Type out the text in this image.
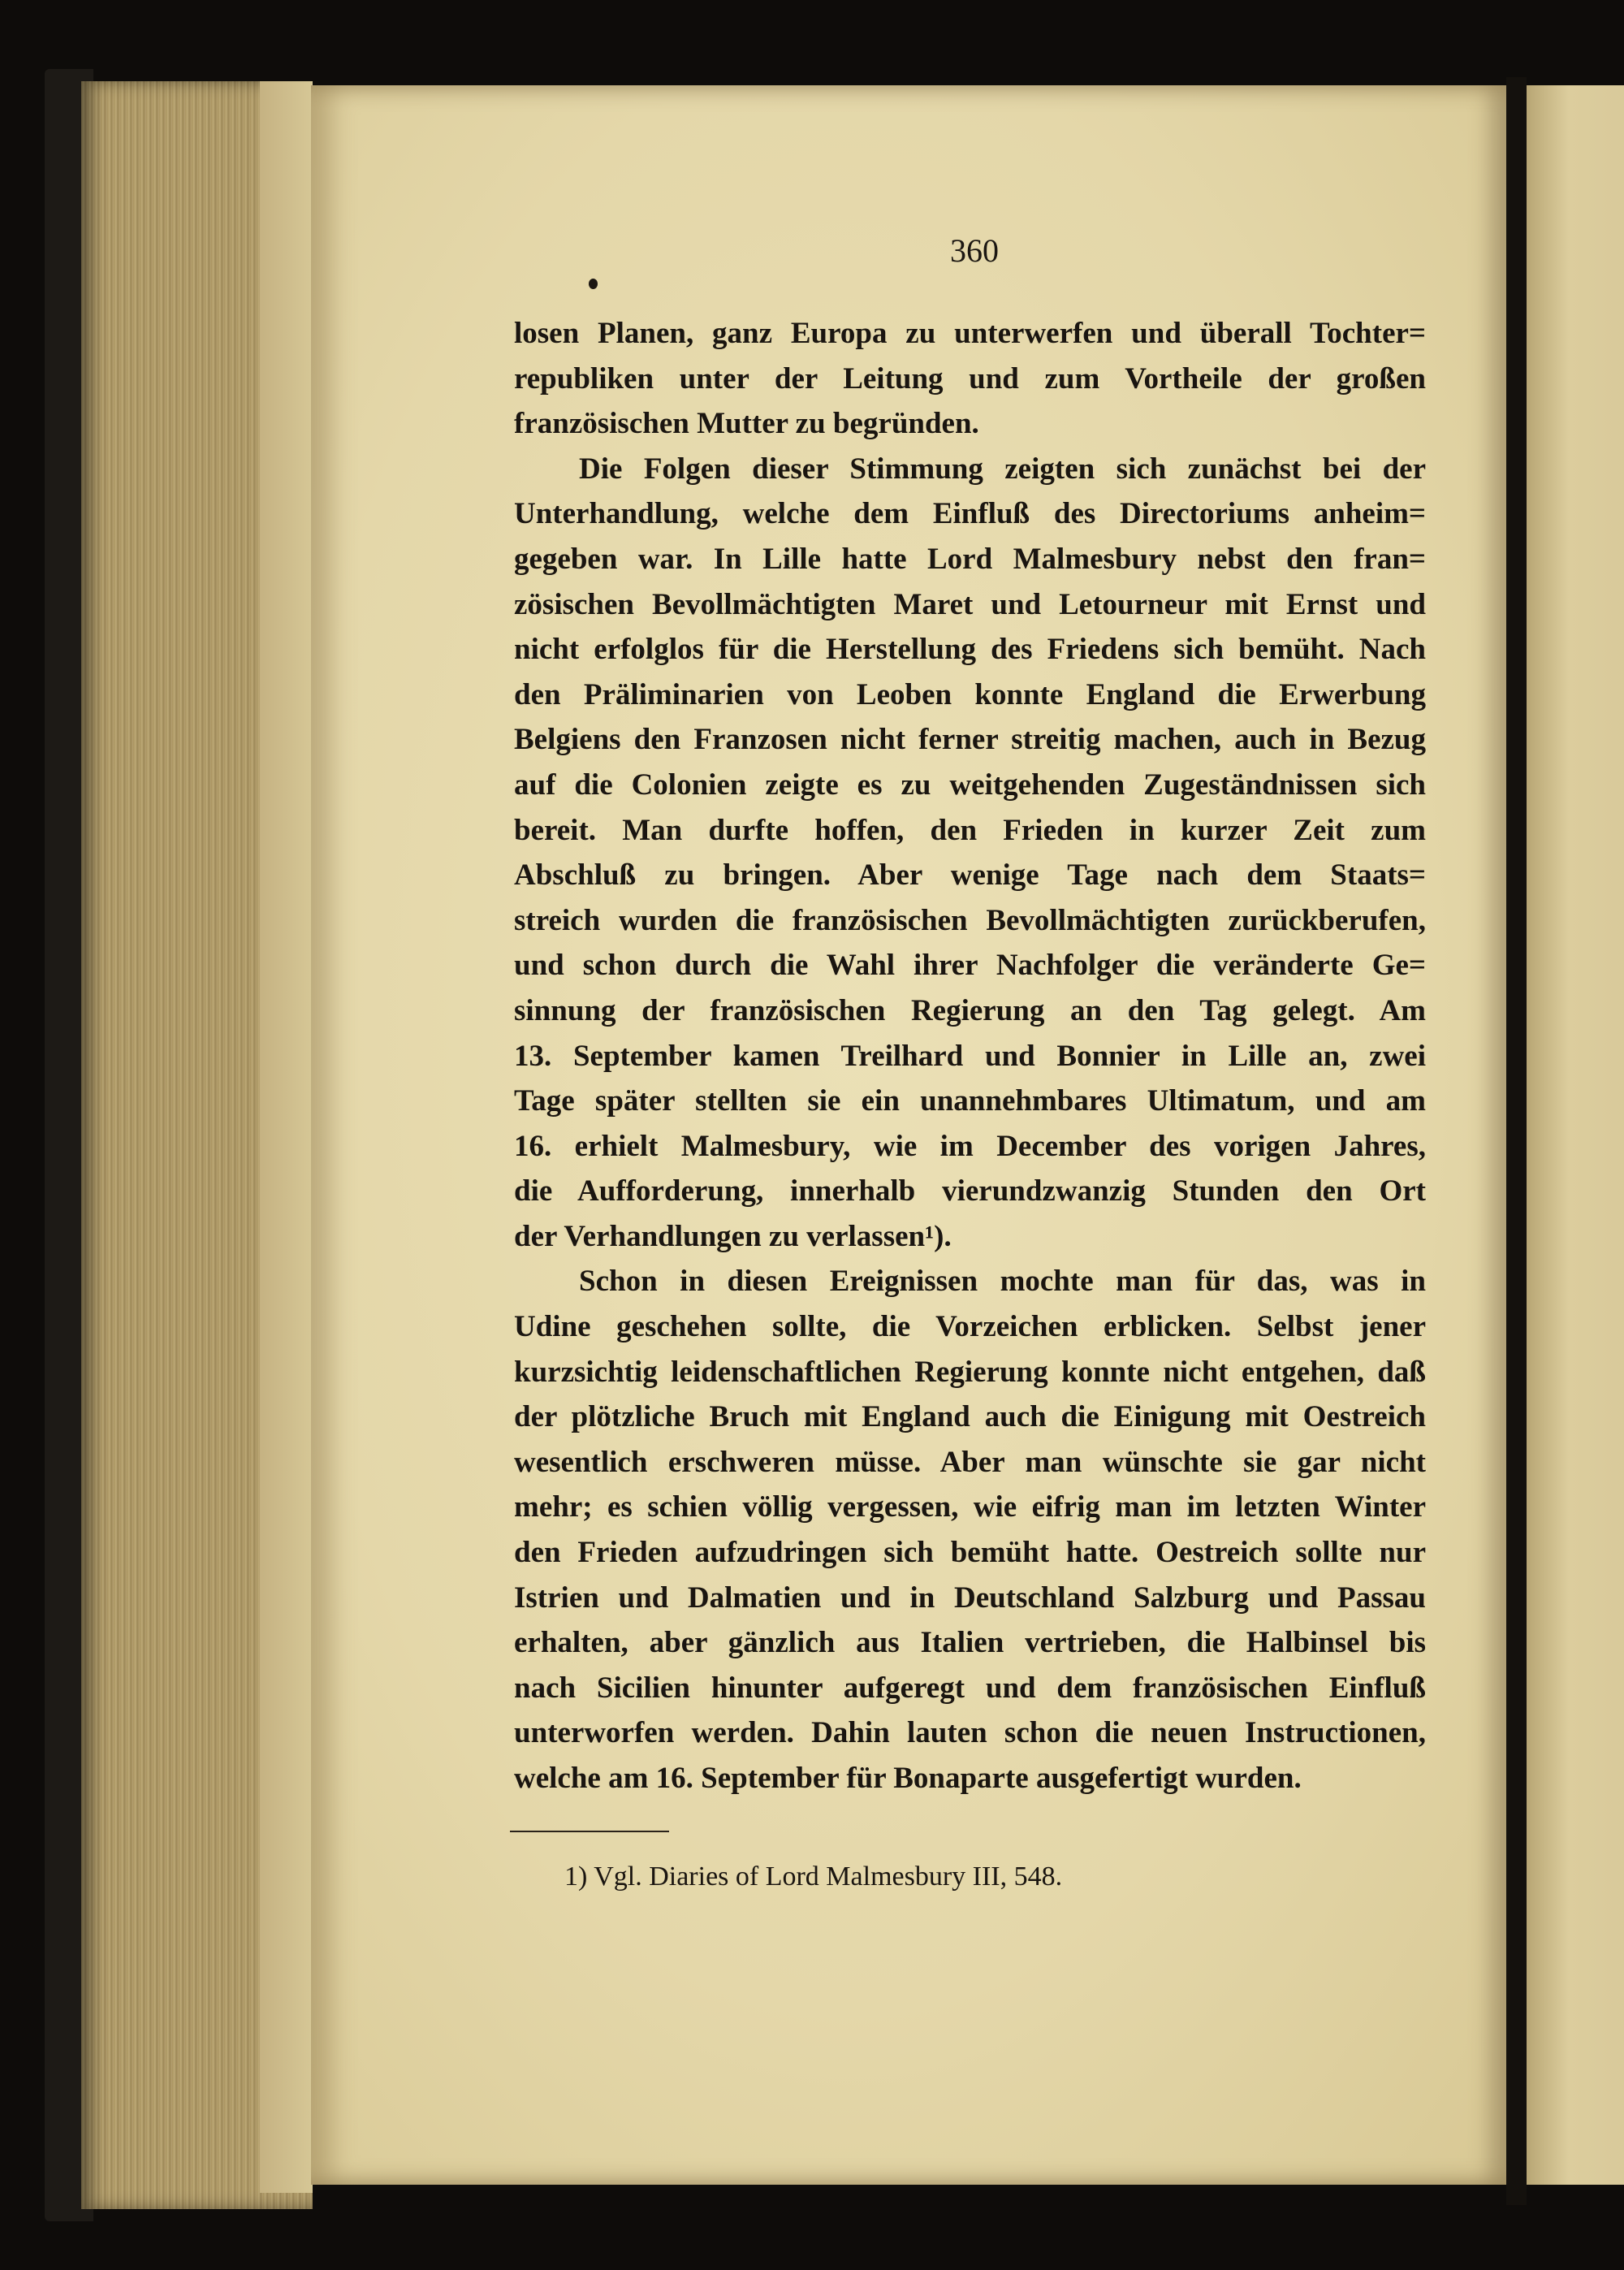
360
losen Planen, ganz Europa zu unterwerfen und überall Tochter=
republiken unter der Leitung und zum Vortheile der großen
französischen Mutter zu begründen.
Die Folgen dieser Stimmung zeigten sich zunächst bei der
Unterhandlung, welche dem Einfluß des Directoriums anheim=
gegeben war. In Lille hatte Lord Malmesbury nebst den fran=
zösischen Bevollmächtigten Maret und Letourneur mit Ernst und
nicht erfolglos für die Herstellung des Friedens sich bemüht. Nach
den Präliminarien von Leoben konnte England die Erwerbung
Belgiens den Franzosen nicht ferner streitig machen, auch in Bezug
auf die Colonien zeigte es zu weitgehenden Zugeständnissen sich
bereit. Man durfte hoffen, den Frieden in kurzer Zeit zum
Abschluß zu bringen. Aber wenige Tage nach dem Staats=
streich wurden die französischen Bevollmächtigten zurückberufen,
und schon durch die Wahl ihrer Nachfolger die veränderte Ge=
sinnung der französischen Regierung an den Tag gelegt. Am
13. September kamen Treilhard und Bonnier in Lille an, zwei
Tage später stellten sie ein unannehmbares Ultimatum, und am
16. erhielt Malmesbury, wie im December des vorigen Jahres,
die Aufforderung, innerhalb vierundzwanzig Stunden den Ort
der Verhandlungen zu verlassen¹).
Schon in diesen Ereignissen mochte man für das, was in
Udine geschehen sollte, die Vorzeichen erblicken. Selbst jener
kurzsichtig leidenschaftlichen Regierung konnte nicht entgehen, daß
der plötzliche Bruch mit England auch die Einigung mit Oestreich
wesentlich erschweren müsse. Aber man wünschte sie gar nicht
mehr; es schien völlig vergessen, wie eifrig man im letzten Winter
den Frieden aufzudringen sich bemüht hatte. Oestreich sollte nur
Istrien und Dalmatien und in Deutschland Salzburg und Passau
erhalten, aber gänzlich aus Italien vertrieben, die Halbinsel bis
nach Sicilien hinunter aufgeregt und dem französischen Einfluß
unterworfen werden. Dahin lauten schon die neuen Instructionen,
welche am 16. September für Bonaparte ausgefertigt wurden.
1) Vgl. Diaries of Lord Malmesbury III, 548.
